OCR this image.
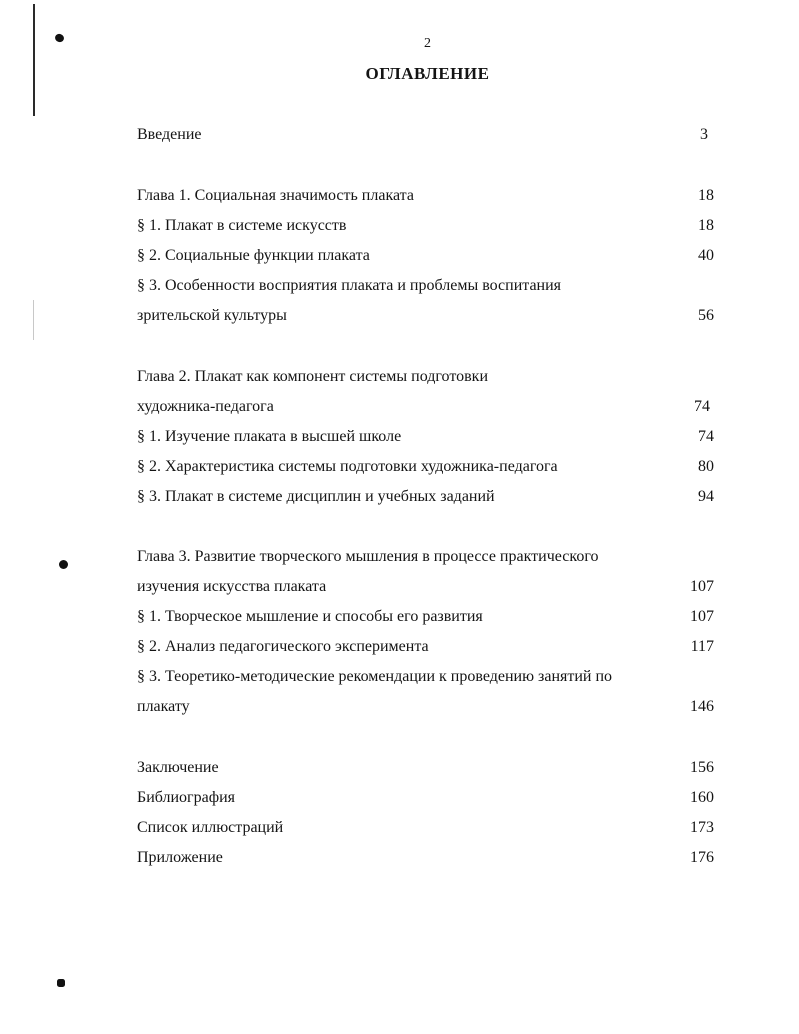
2
ОГЛАВЛЕНИЕ
Введение	3
Глава 1. Социальная значимость плаката	18
§ 1. Плакат в системе искусств	18
§ 2. Социальные функции плаката	40
§ 3. Особенности восприятия плаката и проблемы воспитания
зрительской культуры	56
Глава 2. Плакат как компонент системы подготовки
художника-педагога	74
§ 1. Изучение плаката в высшей школе	74
§ 2. Характеристика системы подготовки художника-педагога	80
§ 3. Плакат в системе дисциплин и учебных заданий	94
Глава 3. Развитие творческого мышления в процессе практического
изучения искусства плаката	107
§ 1. Творческое мышление и способы его развития	107
§ 2. Анализ педагогического эксперимента	117
§ 3. Теоретико-методические рекомендации к проведению занятий по
плакату	146
Заключение	156
Библиография	160
Список иллюстраций	173
Приложение	176
